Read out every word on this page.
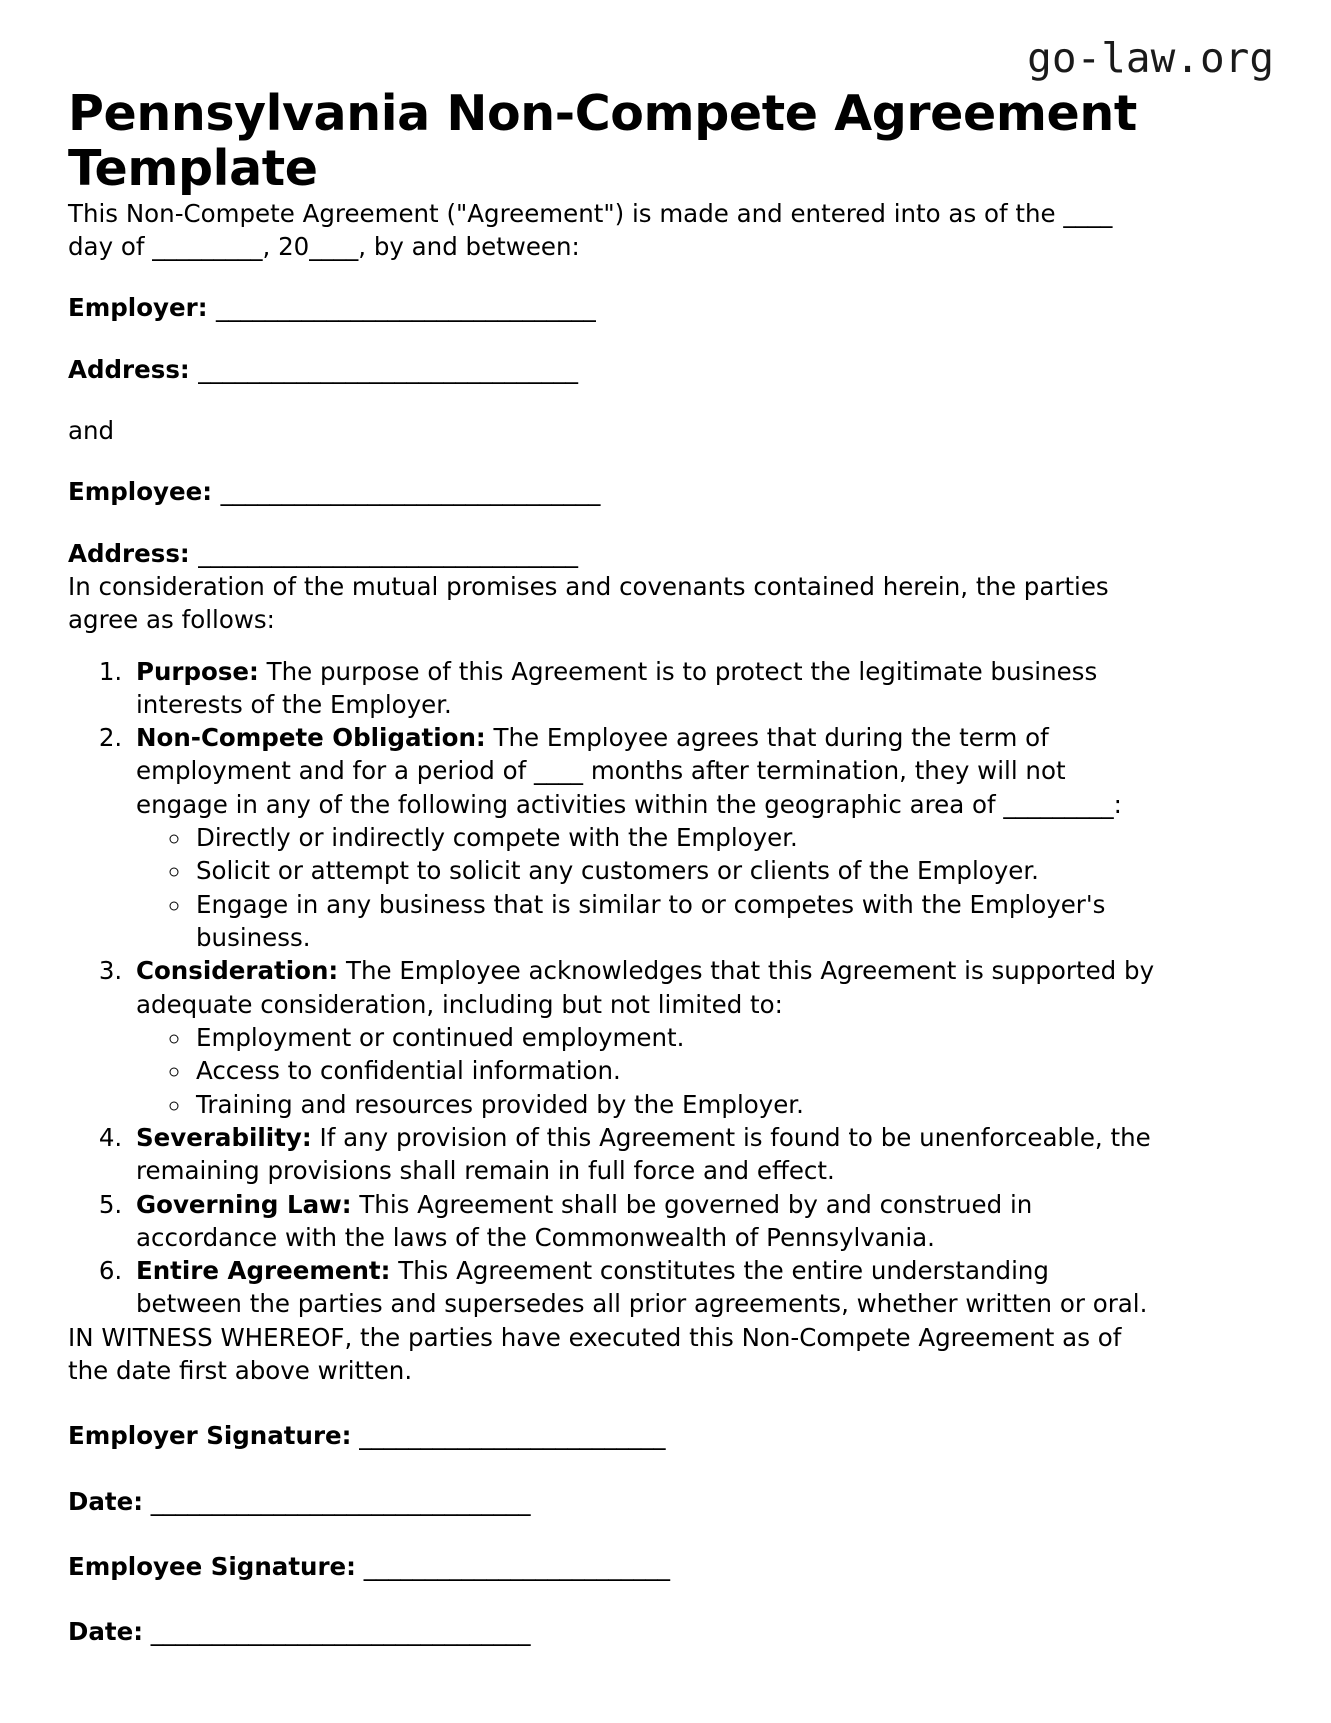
go-law.org
Pennsylvania Non-Compete Agreement Template

This Non-Compete Agreement ("Agreement") is made and entered into as of the ____ day of _________, 20____, by and between:

Employer: _______________________________
Address: _______________________________
and
Employee: _______________________________
Address: _______________________________

In consideration of the mutual promises and covenants contained herein, the parties agree as follows:

1. Purpose: The purpose of this Agreement is to protect the legitimate business interests of the Employer.
2. Non-Compete Obligation: The Employee agrees that during the term of employment and for a period of ____ months after termination, they will not engage in any of the following activities within the geographic area of _________:
◦ Directly or indirectly compete with the Employer.
◦ Solicit or attempt to solicit any customers or clients of the Employer.
◦ Engage in any business that is similar to or competes with the Employer's business.
3. Consideration: The Employee acknowledges that this Agreement is supported by adequate consideration, including but not limited to:
◦ Employment or continued employment.
◦ Access to confidential information.
◦ Training and resources provided by the Employer.
4. Severability: If any provision of this Agreement is found to be unenforceable, the remaining provisions shall remain in full force and effect.
5. Governing Law: This Agreement shall be governed by and construed in accordance with the laws of the Commonwealth of Pennsylvania.
6. Entire Agreement: This Agreement constitutes the entire understanding between the parties and supersedes all prior agreements, whether written or oral.

IN WITNESS WHEREOF, the parties have executed this Non-Compete Agreement as of the date first above written.

Employer Signature: _________________________
Date: _______________________________
Employee Signature: _________________________
Date: _______________________________
